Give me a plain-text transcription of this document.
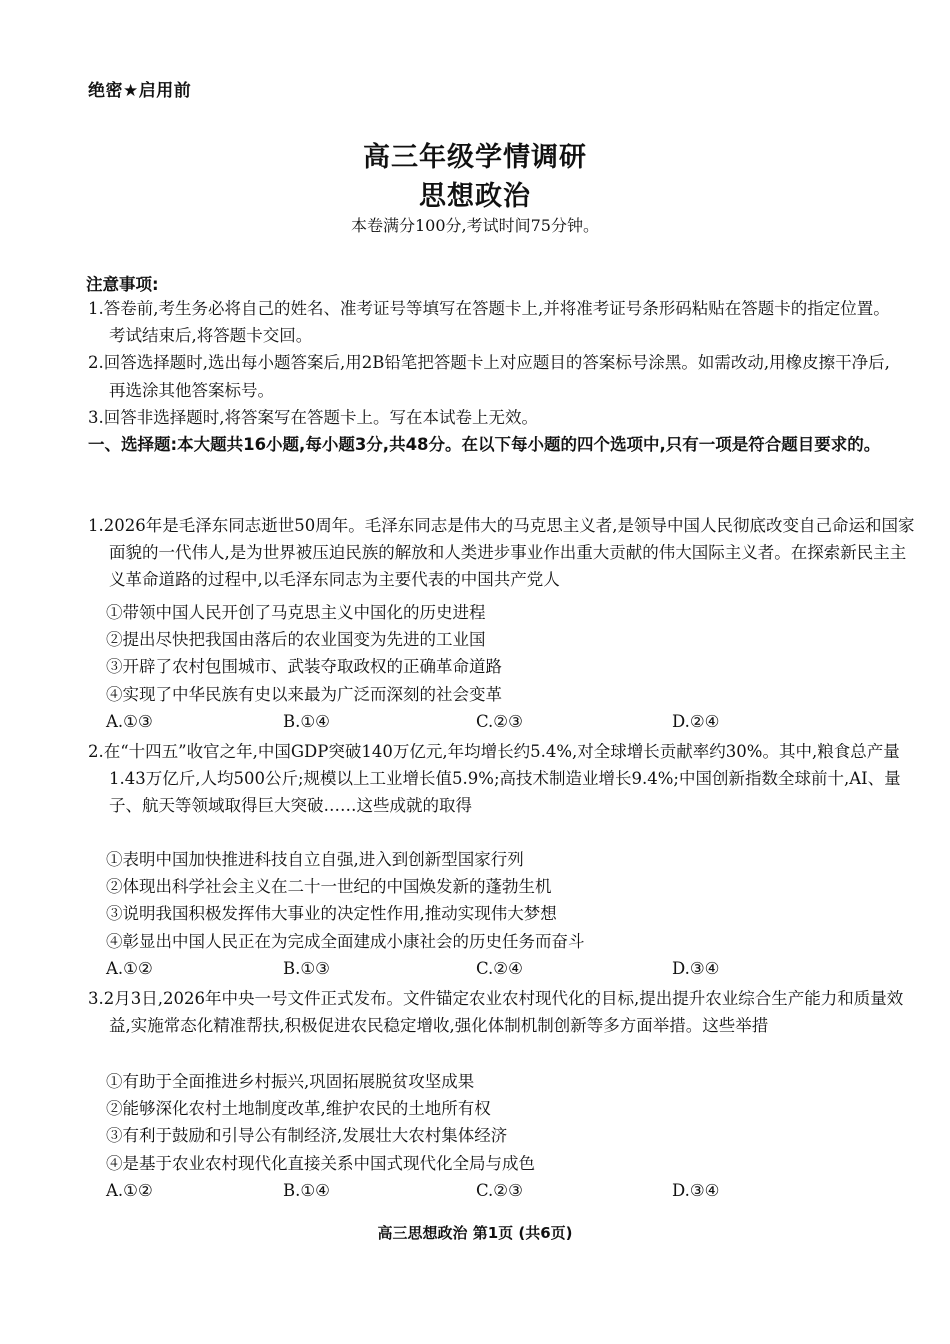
绝密★启用前
高三年级学情调研
思想政治
本卷满分100分,考试时间75分钟。
注意事项:
1.答卷前,考生务必将自己的姓名、准考证号等填写在答题卡上,并将准考证号条形码粘贴在答题卡的指定位置。考试结束后,将答题卡交回。
2.回答选择题时,选出每小题答案后,用2B铅笔把答题卡上对应题目的答案标号涂黑。如需改动,用橡皮擦干净后,再选涂其他答案标号。
3.回答非选择题时,将答案写在答题卡上。写在本试卷上无效。
一、选择题:本大题共16小题,每小题3分,共48分。在以下每小题的四个选项中,只有一项是符合题目要求的。
1.2026年是毛泽东同志逝世50周年。毛泽东同志是伟大的马克思主义者,是领导中国人民彻底改变自己命运和国家面貌的一代伟人,是为世界被压迫民族的解放和人类进步事业作出重大贡献的伟大国际主义者。在探索新民主主义革命道路的过程中,以毛泽东同志为主要代表的中国共产党人
①带领中国人民开创了马克思主义中国化的历史进程
②提出尽快把我国由落后的农业国变为先进的工业国
③开辟了农村包围城市、武装夺取政权的正确革命道路
④实现了中华民族有史以来最为广泛而深刻的社会变革
A.①③	B.①④	C.②③	D.②④
2.在“十四五”收官之年,中国GDP突破140万亿元,年均增长约5.4%,对全球增长贡献率约30%。其中,粮食总产量1.43万亿斤,人均500公斤;规模以上工业增长值5.9%;高技术制造业增长9.4%;中国创新指数全球前十,AI、量子、航天等领域取得巨大突破……这些成就的取得
①表明中国加快推进科技自立自强,进入到创新型国家行列
②体现出科学社会主义在二十一世纪的中国焕发新的蓬勃生机
③说明我国积极发挥伟大事业的决定性作用,推动实现伟大梦想
④彰显出中国人民正在为完成全面建成小康社会的历史任务而奋斗
A.①②	B.①③	C.②④	D.③④
3.2月3日,2026年中央一号文件正式发布。文件锚定农业农村现代化的目标,提出提升农业综合生产能力和质量效益,实施常态化精准帮扶,积极促进农民稳定增收,强化体制机制创新等多方面举措。这些举措
①有助于全面推进乡村振兴,巩固拓展脱贫攻坚成果
②能够深化农村土地制度改革,维护农民的土地所有权
③有利于鼓励和引导公有制经济,发展壮大农村集体经济
④是基于农业农村现代化直接关系中国式现代化全局与成色
A.①②	B.①④	C.②③	D.③④
高三思想政治 第1页 (共6页)
